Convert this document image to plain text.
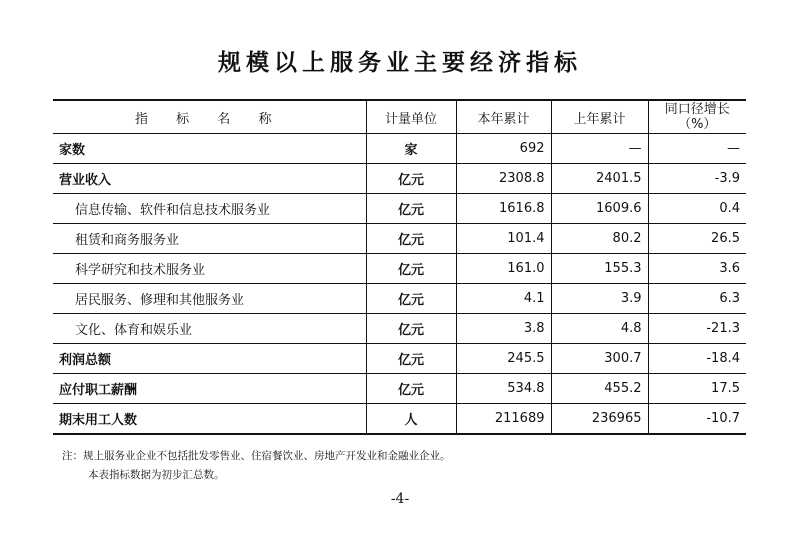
规模以上服务业主要经济指标
指 标 名 称	计量单位	本年累计	上年累计	同口径增长
（%）

家数	家	692	—	—
营业收入	亿元	2308.8	2401.5	-3.9
信息传输、软件和信息技术服务业	亿元	1616.8	1609.6	0.4
租赁和商务服务业	亿元	101.4	80.2	26.5
科学研究和技术服务业	亿元	161.0	155.3	3.6
居民服务、修理和其他服务业	亿元	4.1	3.9	6.3
文化、体育和娱乐业	亿元	3.8	4.8	-21.3
利润总额	亿元	245.5	300.7	-18.4
应付职工薪酬	亿元	534.8	455.2	17.5
期末用工人数	人	211689	236965	-10.7
注：规上服务业企业不包括批发零售业、住宿餐饮业、房地产开发业和金融业企业。
本表指标数据为初步汇总数。
-4-
